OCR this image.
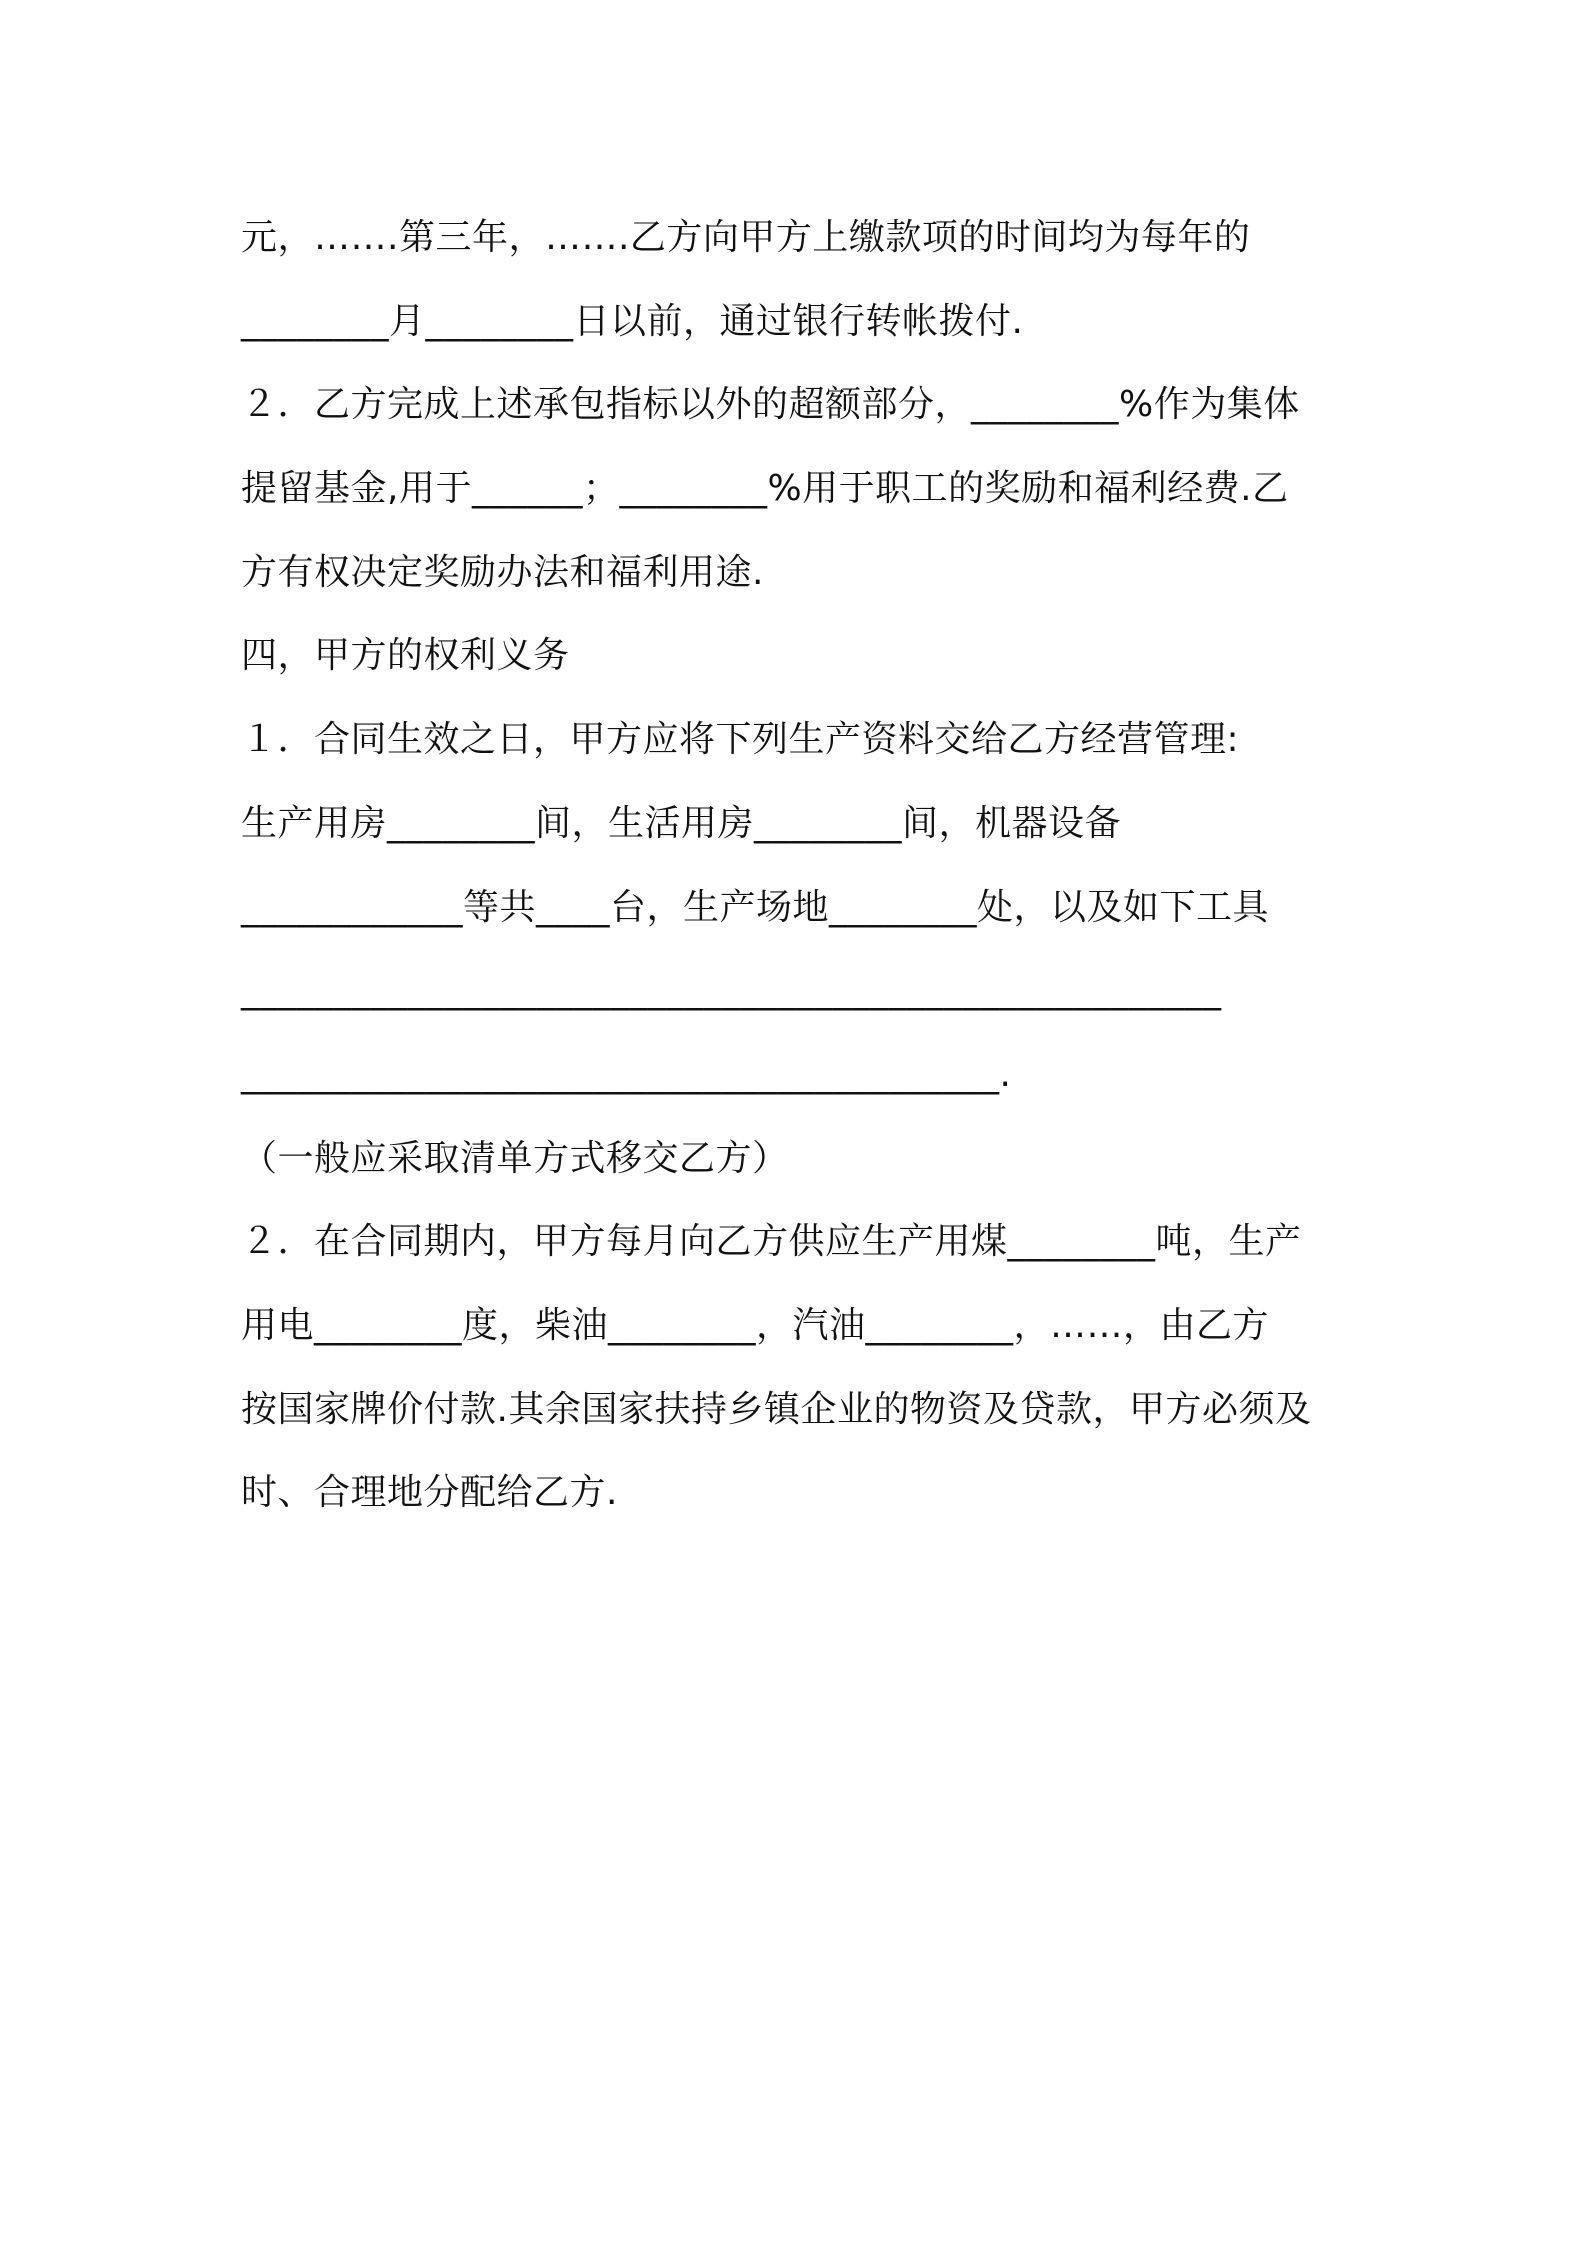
元，…….第三年，…….乙方向甲方上缴款项的时间均为每年的
________月________日以前，通过银行转帐拨付.
２．乙方完成上述承包指标以外的超额部分，________%作为集体
提留基金,用于______；________%用于职工的奖励和福利经费.乙
方有权决定奖励办法和福利用途.
四，甲方的权利义务
１．合同生效之日，甲方应将下列生产资料交给乙方经营管理:
生产用房________间，生活用房________间，机器设备
____________等共____台，生产场地________处，以及如下工具
_____________________________________________________
_________________________________________.
（一般应采取清单方式移交乙方）
２．在合同期内，甲方每月向乙方供应生产用煤________吨，生产
用电________度，柴油________，汽油________，……，由乙方
按国家牌价付款.其余国家扶持乡镇企业的物资及贷款，甲方必须及
时、合理地分配给乙方.
